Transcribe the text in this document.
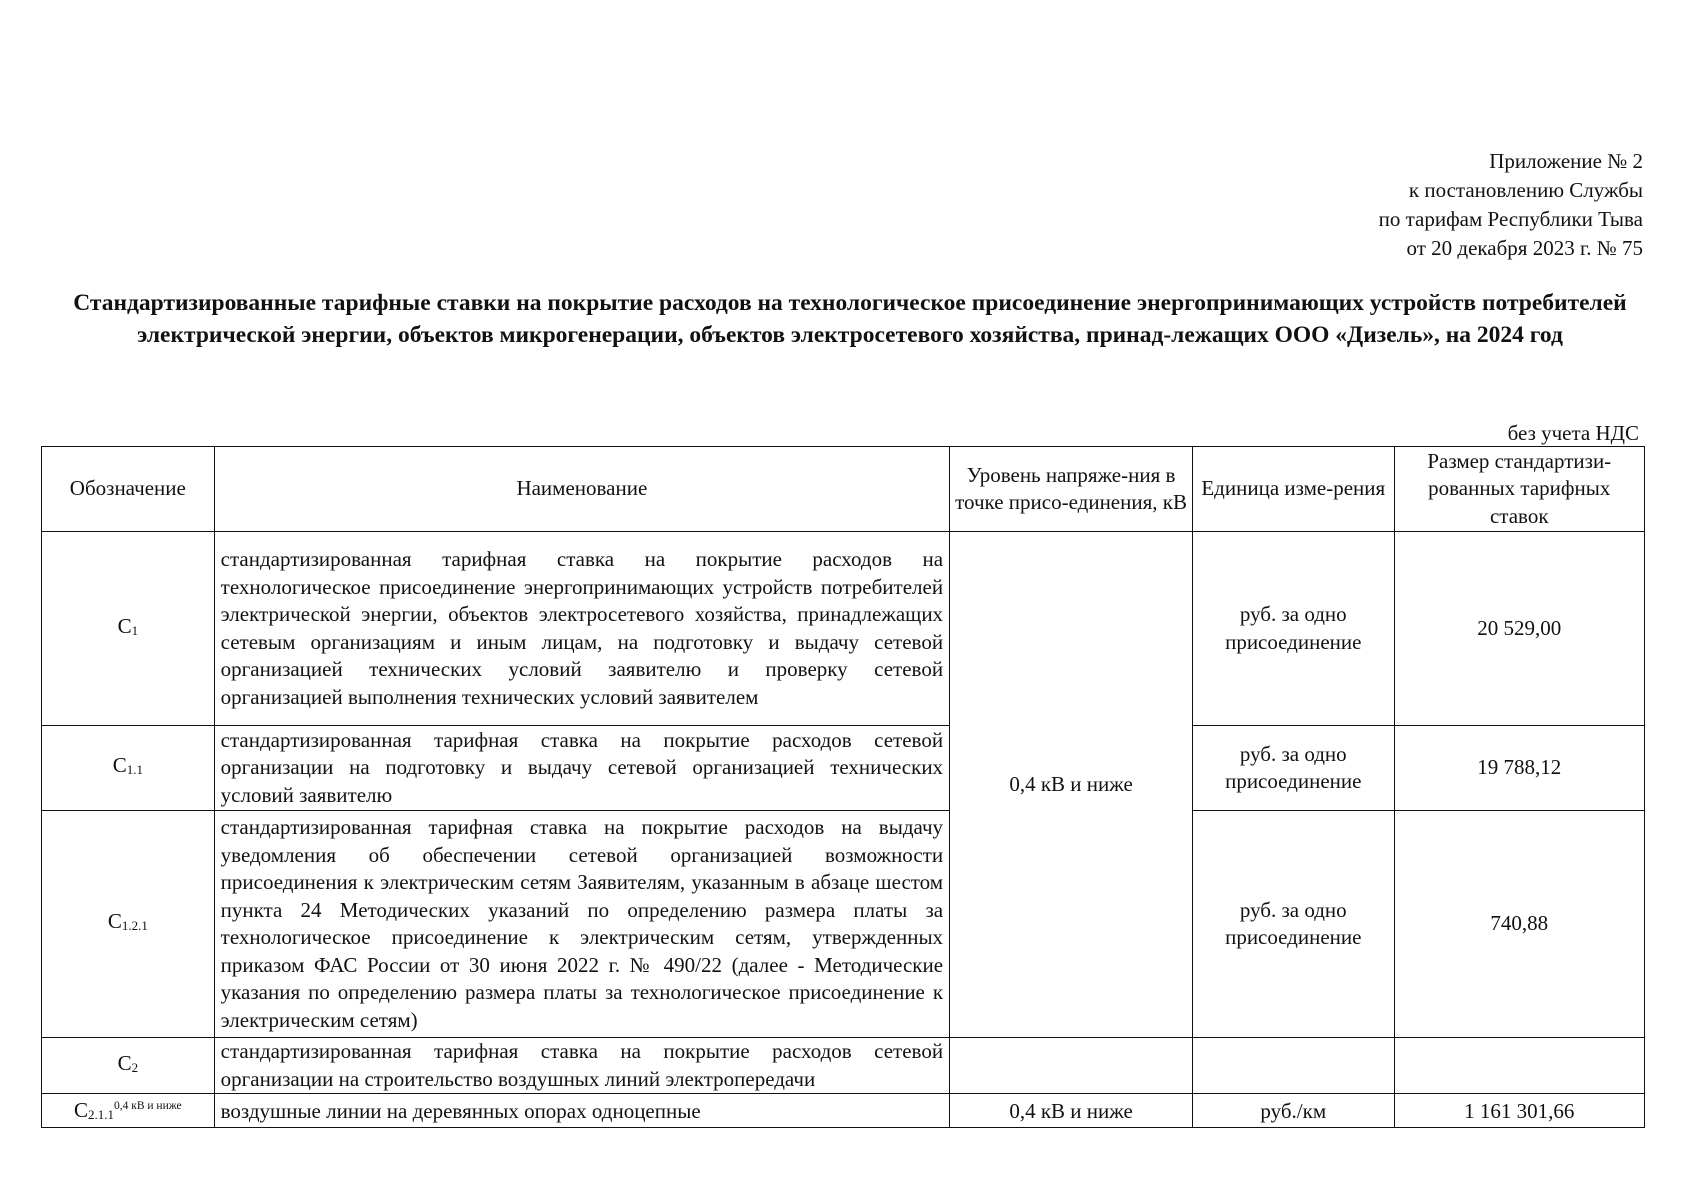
Приложение № 2
к постановлению Службы
по тарифам Республики Тыва
от 20 декабря 2023 г. № 75
Стандартизированные тарифные ставки на покрытие расходов на технологическое присоединение энергопринимающих устройств потребителей электрической энергии, объектов микрогенерации, объектов электросетевого хозяйства, принад-лежащих ООО «Дизель», на 2024 год
без учета НДС
Обозначение	Наименование	Уровень напряже-ния в точке присо-единения, кВ	Единица изме-рения	Размер стандартизи-рованных тарифных ставок
$С_1$	стандартизированная тарифная ставка на покрытие расходов на технологическое присоединение энергопринимающих устройств потребителей электрической энергии, объектов электросетевого хозяйства, принадлежащих сетевым организациям и иным лицам, на подготовку и выдачу сетевой организацией технических условий заявителю и проверку сетевой организацией выполнения технических условий заявителем	0,4 кВ и ниже	руб. за одно присоединение	20 529,00
$С_{1.1}$	стандартизированная тарифная ставка на покрытие расходов сетевой организации на подготовку и выдачу сетевой организацией технических условий заявителю		руб. за одно присоединение	19 788,12
$С_{1.2.1}$	стандартизированная тарифная ставка на покрытие расходов на выдачу уведомления об обеспечении сетевой организацией возможности присоединения к электрическим сетям Заявителям, указанным в абзаце шестом пункта 24 Методических указаний по определению размера платы за технологическое присоединение к электрическим сетям, утвержденных приказом ФАС России от 30 июня 2022 г. № 490/22 (далее - Методические указания по определению размера платы за технологическое присоединение к электрическим сетям)		руб. за одно присоединение	740,88
$С_2$	стандартизированная тарифная ставка на покрытие расходов сетевой организации на строительство воздушных линий электропередачи			
$С_{2.1.1}^{0,4 кВ и ниже}$	воздушные линии на деревянных опорах одноцепные	0,4 кВ и ниже	руб./км	1 161 301,66
